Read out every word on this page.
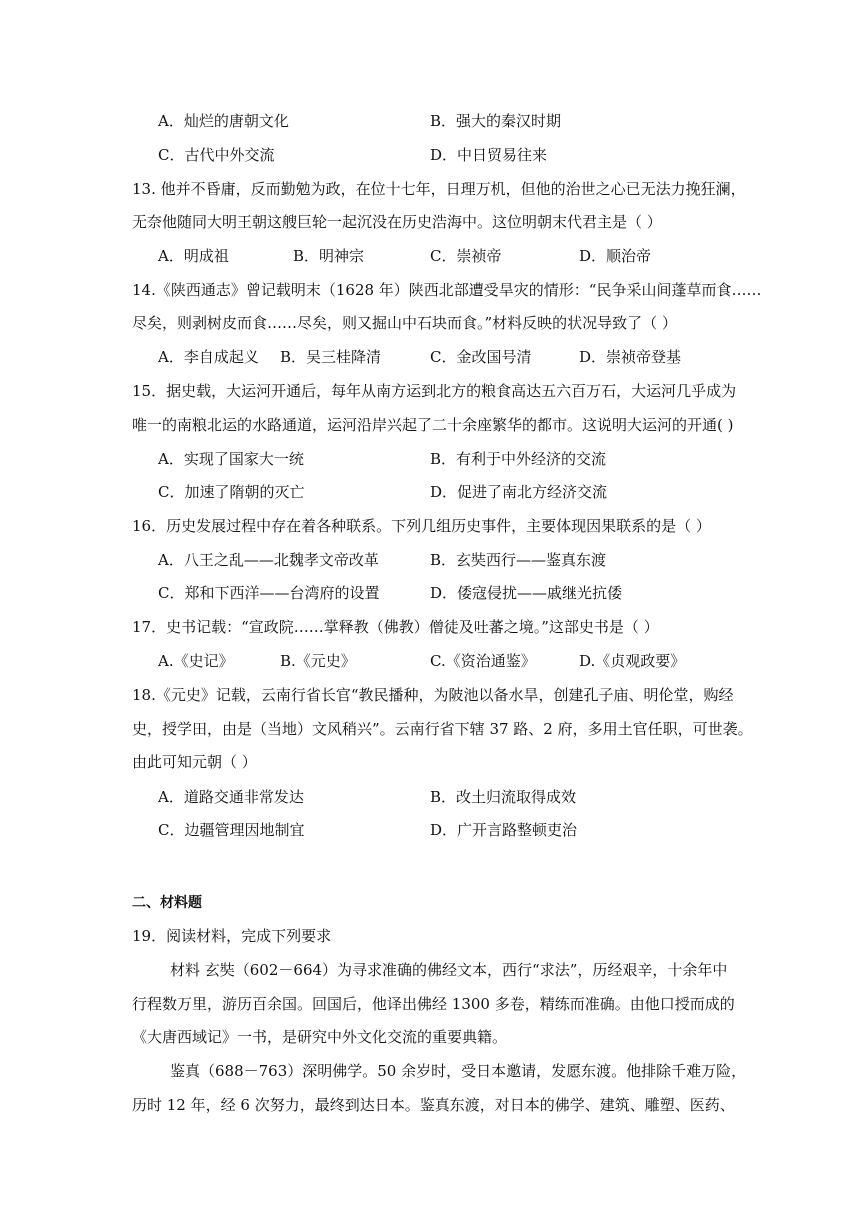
A．灿烂的唐朝文化	B．强大的秦汉时期
C．古代中外交流	D．中日贸易往来
13. 他并不昏庸，反而勤勉为政，在位十七年，日理万机，但他的治世之心已无法力挽狂澜，
无奈他随同大明王朝这艘巨轮一起沉没在历史浩海中。这位明朝末代君主是（ ）
A．明成祖	B．明神宗	C．崇祯帝	D．顺治帝
14.《陕西通志》曾记载明末（1628 年）陕西北部遭受旱灾的情形：“民争采山间蓬草而食……
尽矣，则剥树皮而食……尽矣，则又掘山中石块而食。”材料反映的状况导致了（ ）
A．李自成起义 B．吴三桂降清	C．金改国号清	D．崇祯帝登基
15．据史载，大运河开通后，每年从南方运到北方的粮食高达五六百万石，大运河几乎成为
唯一的南粮北运的水路通道，运河沿岸兴起了二十余座繁华的都市。这说明大运河的开通( )
A．实现了国家大一统	B．有利于中外经济的交流
C．加速了隋朝的灭亡	D．促进了南北方经济交流
16．历史发展过程中存在着各种联系。下列几组历史事件，主要体现因果联系的是（ ）
A．八王之乱——北魏孝文帝改革	B．玄奘西行——鉴真东渡
C．郑和下西洋——台湾府的设置	D．倭寇侵扰——戚继光抗倭
17．史书记载：“宣政院……掌释教（佛教）僧徒及吐蕃之境。”这部史书是（ ）
A.《史记》	B.《元史》	C.《资治通鉴》	D.《贞观政要》
18.《元史》记载，云南行省长官“教民播种，为陂池以备水旱，创建孔子庙、明伦堂，购经
史，授学田，由是（当地）文风稍兴”。云南行省下辖 37 路、2 府，多用土官任职，可世袭。
由此可知元朝（ ）
A．道路交通非常发达	B．改土归流取得成效
C．边疆管理因地制宜	D．广开言路整顿吏治
二、材料题
19．阅读材料，完成下列要求
材料 玄奘（602－664）为寻求准确的佛经文本，西行“求法”，历经艰辛，十余年中
行程数万里，游历百余国。回国后，他译出佛经 1300 多卷，精练而准确。由他口授而成的
《大唐西域记》一书，是研究中外文化交流的重要典籍。
鉴真（688－763）深明佛学。50 余岁时，受日本邀请，发愿东渡。他排除千难万险，
历时 12 年，经 6 次努力，最终到达日本。鉴真东渡，对日本的佛学、建筑、雕塑、医药、
